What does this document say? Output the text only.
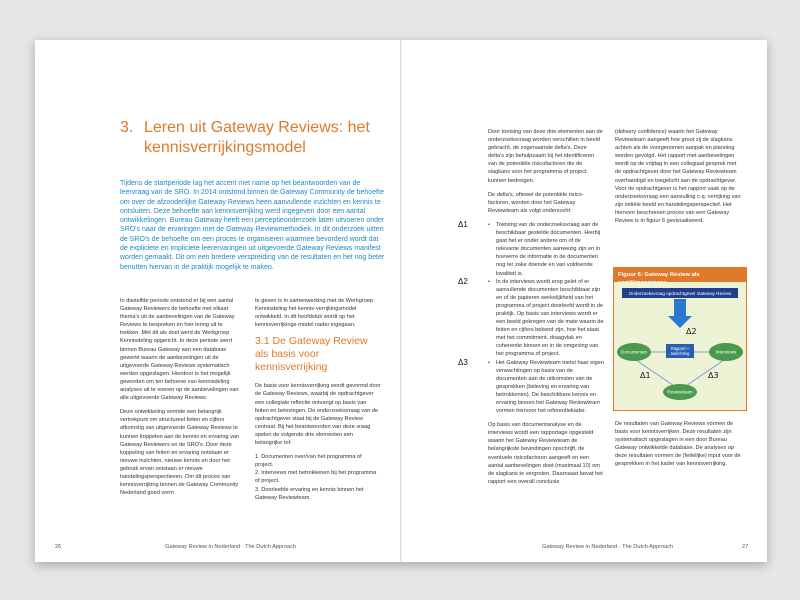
3. Leren uit Gateway Reviews: het
kennisverrijkingsmodel
Tijdens de startperiode lag het accent met name op het beantwoorden van de leervraag van de SRO. In 2014 ontstond binnen de Gateway Community de behoefte om over de afzonderlijke Gateway Reviews heen aanvullende inzichten en kennis te ontsluiten. Deze behoefte aan kennisverrijking werd ingegeven door een aantal ontwikkelingen. Bureau Gateway heeft een perceptieonderzoek laten uitvoeren onder SRO's naar de ervaringen met de Gateway Reviewmethodiek. In dit onderzoek uitten de SRO's de behoefte om een proces te organiseren waarmee bevorderd wordt dat de expliciete en impliciete leerervaringen uit uitgevoerde Gateway Reviews manifest worden gemaakt. Dit om een bredere verspreiding van de resultaten en het nog beter benutten hiervan in de praktijk mogelijk te maken.

In diezelfde periode ontstond er bij een aantal Gateway Reviewers de behoefte met elkaar thema's uit de aanbevelingen van de Gateway Reviews te bespreken en hier lering uit te trekken. Met dit als doel werd de Werkgroep Kennisdeling opgericht. In deze periode werd binnen Bureau Gateway aan een database gewerkt waarin de aanbevelingen uit de uitgevoerde Gateway Reviews systematisch werden opgeslagen. Hierdoor is het mogelijk geworden om ten behoeve van kennisdeling analyses uit te voeren op de aanbevelingen van alle uitgevoerde Gateway Reviews.

Deze ontwikkeling vormde een belangrijk vertrekpunt om structureel feiten en cijfers afkomstig van uitgevoerde Gateway Reviews te kunnen koppelen aan de kennis en ervaring van Gateway Reviewers en de SRO's. Door deze koppeling van feiten en ervaring ontstaan er nieuwe inzichten, nieuwe kennis en door het gebruik ervan ontstaan er nieuwe handelingsperspectieven. Om dit proces van kennisverrijking binnen de Gateway Community Nederland goed vorm

te geven is in samenwerking met de Werkgroep Kennisdeling het kennis-verrijkingsmodel ontwikkeld. In dit hoofdstuk wordt op het kennisverrijkings-model nader ingegaan.

3.1 De Gateway Review als basis voor kennisverrijking

De basis voor kennisverrijking wordt gevormd door de Gateway Reviews, waarbij de opdrachtgever een collegiale reflectie ontvangt op basis van feiten en belevingen. De onderzoeksvraag van de opdrachtgever staat bij de Gateway Review centraal. Bij het beantwoorden van deze vraag spelen de volgende drie elementen een belangrijke rol:

1. Documenten over/van het programma of project.
2. Interviews met betrokkenen bij het programma of project.
3. Doorleefde ervaring en kennis binnen het Gateway Reviewteam.
26	Gateway Review in Nederland · The Dutch Approach

Door toetsing van deze drie elementen aan de onderzoeksvraag worden verschillen in beeld gebracht, de zogenaamde delta's. Deze delta's zijn behulpzaam bij het identificeren van de potentiële risicofactoren die de slagkans voor het programma of project kunnen bedreigen.

De delta's, oftewel de potentiële risico-factoren, worden door het Gateway Reviewteam als volgt onderzocht:

Δ1	•	Toetsing van de onderzoeksvraag aan de beschikbaar gestelde documenten. Hierbij gaat het er onder andere om of de relevante documenten aanwezig zijn en in hoeverre de informatie in de documenten nog ter zake doende en van voldoende kwaliteit is.
Δ2	•	In de interviews wordt erop gelet of er aanvullende documenten beschikbaar zijn en of de papieren werkelijkheid van het programma of project doorleefd wordt in de praktijk. Op basis van interviews wordt er een beeld gekregen van de mate waarin de feiten en cijfers bekend zijn, hoe het staat met het commitment, draagvlak en coherentie binnen en in de omgeving van het programma of project.
Δ3	•	Het Gateway Reviewteam toetst haar eigen verwachtingen op basis van de documenten aan de uitkomsten van de gesprekken (beleving en ervaring van betrokkenen). De beschikbare kennis en ervaring binnen het Gateway Reviewteam vormen hiervoor het referentiekader.

Op basis van documentanalyse en de interviews wordt een rapportage opgesteld waarin het Gateway Reviewteam de belangrijkste bevindingen opschrijft, de eventuele risicofactoren aangeeft en een aantal aanbevelingen doet (maximaal 10) om de slagkans te vergroten. Daarnaast bevat het rapport een overall conclusie

(delivery confidence) waarin het Gateway Reviewteam aangeeft hoe groot zij de slagkans achten als de voorgenomen aanpak en planning worden gevolgd. Het rapport met aanbevelingen wordt op de vrijdag in een collegiaal gesprek met de opdrachtgever door het Gateway Reviewteam overhandigd en toegelicht aan de opdrachtgever. Voor de opdrachtgever is het rapport vaak op de onderzoeksvraag een aanvulling c.q. verrijking van zijn initiële beeld en handelingsperspectief. Het hiervoor beschreven proces van een Gateway Review is in figuur 6 gevisualiseerd.

Figuur 6: Gateway Review als
Onderzoeksvraag opdrachtgever Gateway Review
Δ2
Documenten	Interviews
Rapport +
toelichting
Reviewteam
Δ1	Δ3

De resultaten van Gateway Reviews vormen de basis voor kennisverrijken. Deze resultaten zijn systematisch opgeslagen in een door Bureau Gateway ontwikkelde database. De analyses op deze resultaten vormen de (feitelijke) input voor de gesprekken in het kader van kennisverrijking.

Gateway Review in Nederland · The Dutch Approach	27
